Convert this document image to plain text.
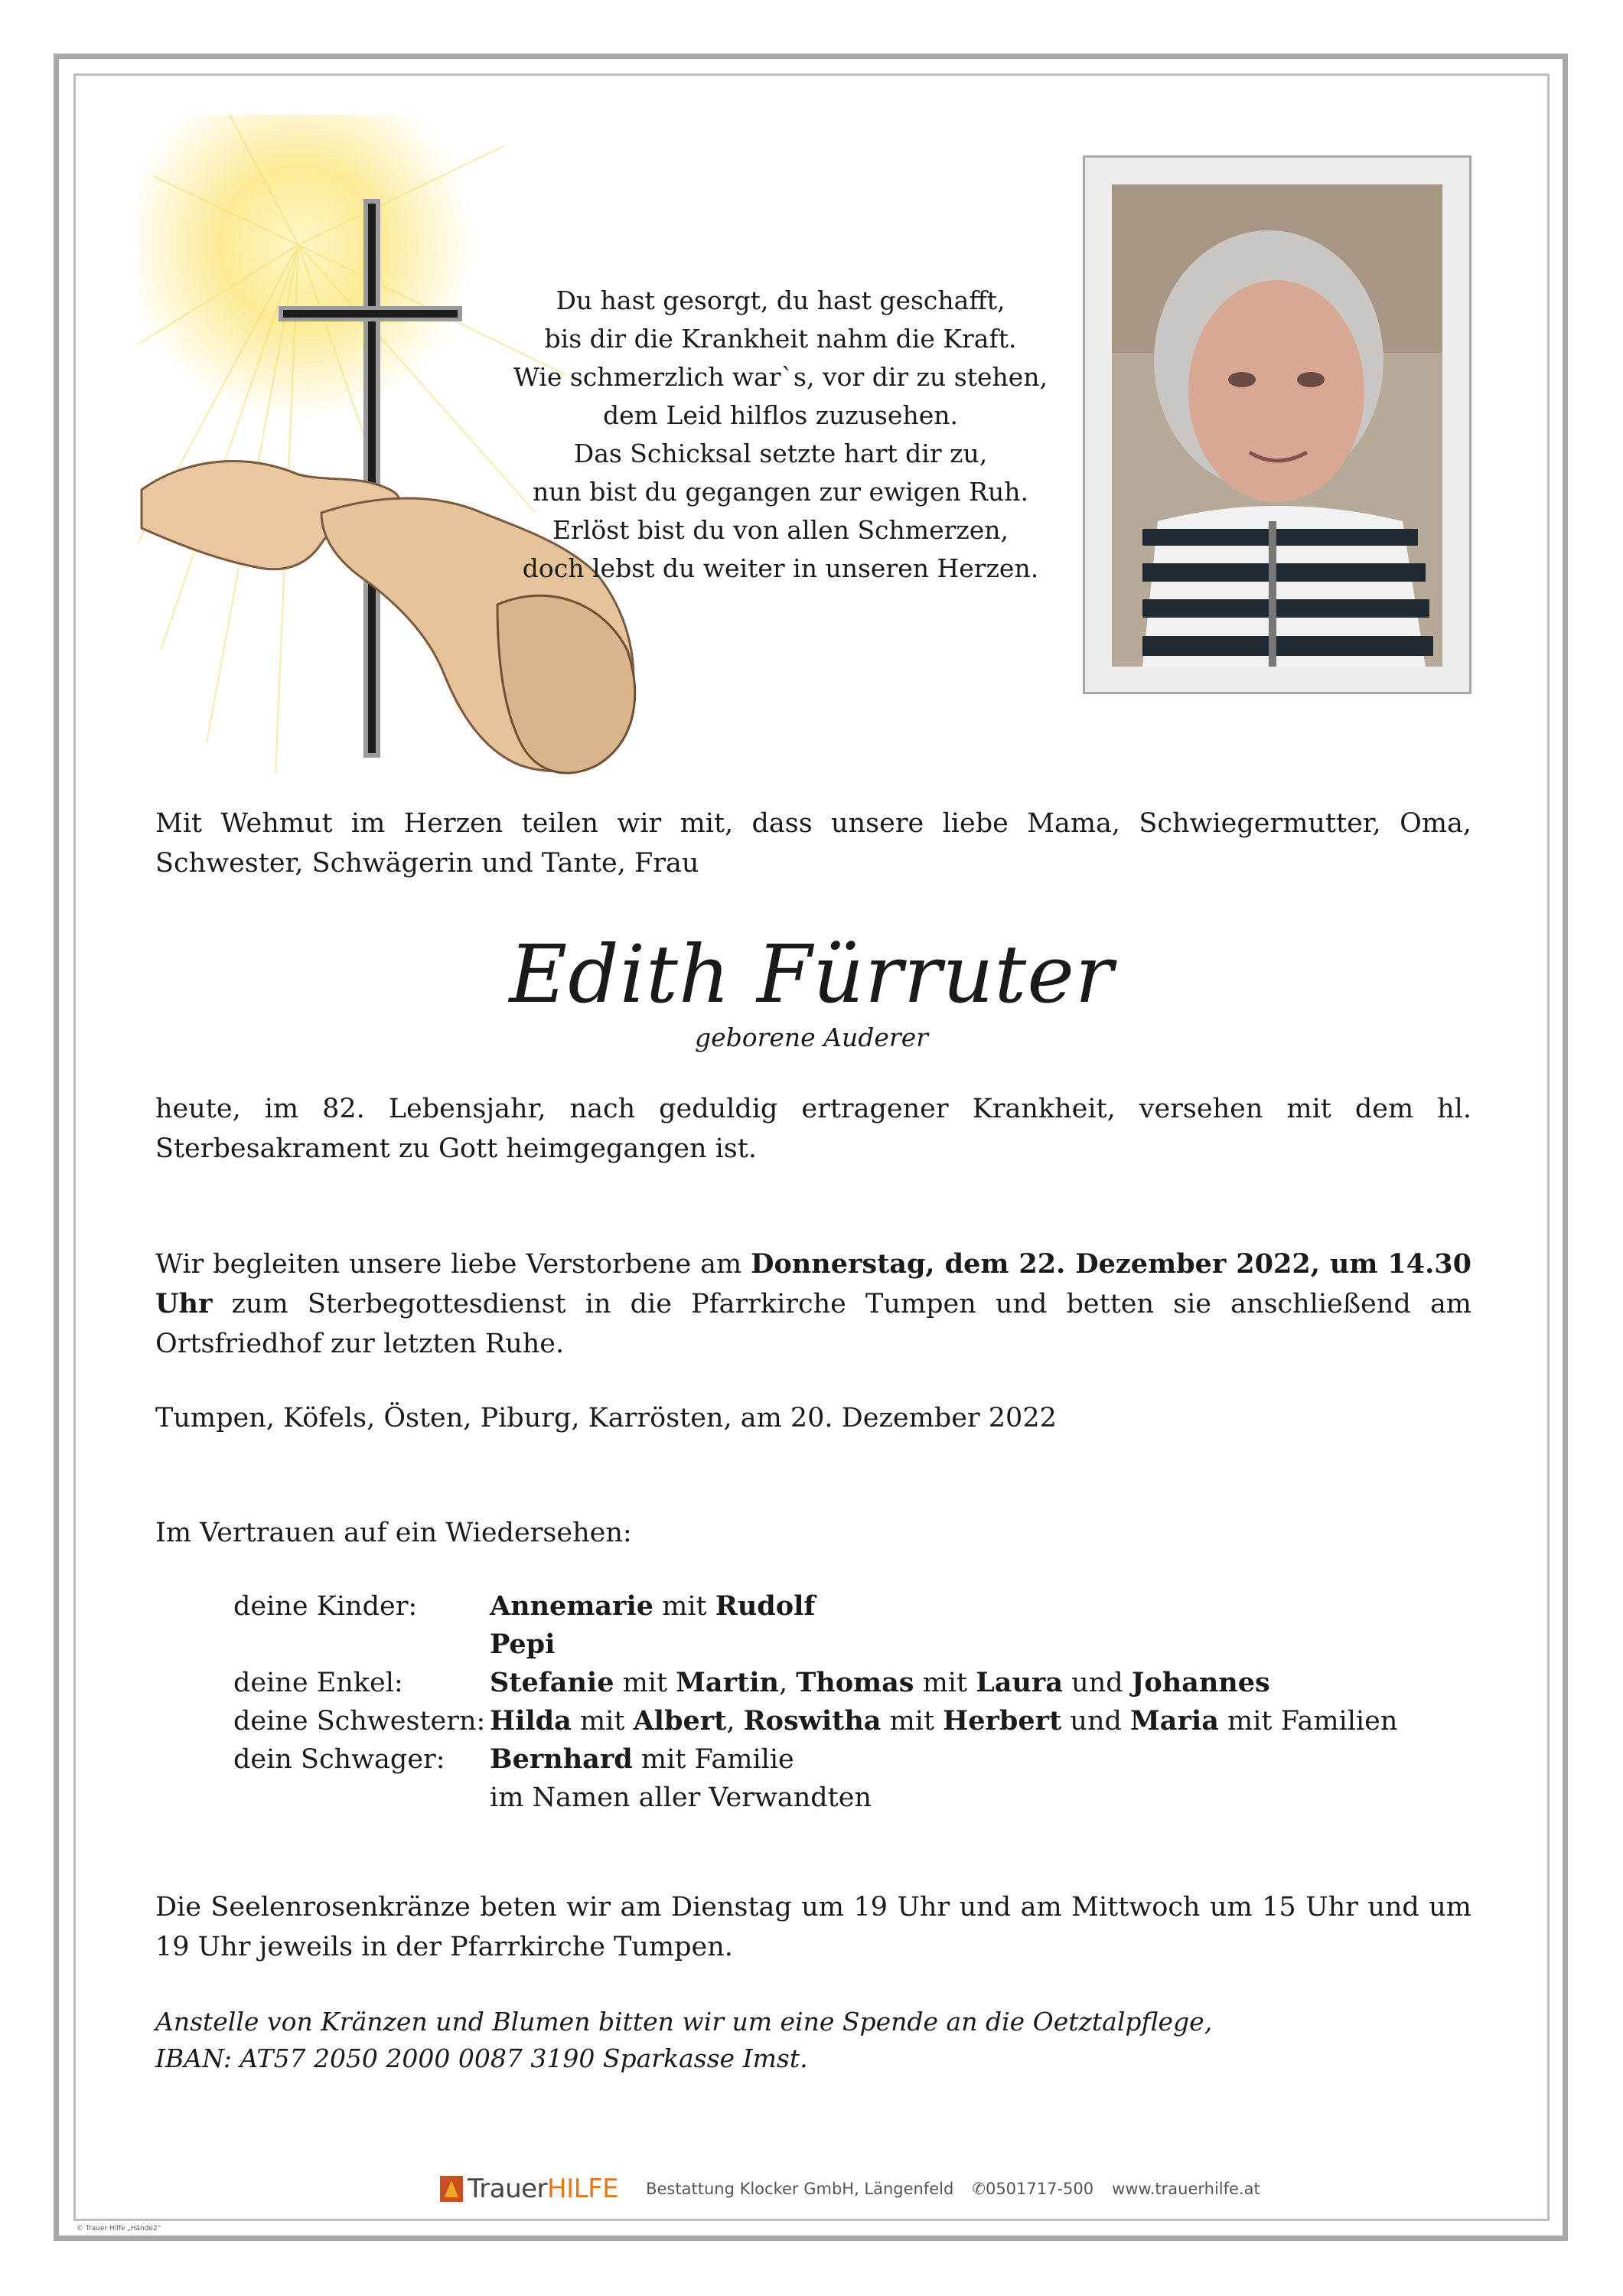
Du hast gesorgt, du hast geschafft,
bis dir die Krankheit nahm die Kraft.
Wie schmerzlich war`s, vor dir zu stehen,
dem Leid hilflos zuzusehen.
Das Schicksal setzte hart dir zu,
nun bist du gegangen zur ewigen Ruh.
Erlöst bist du von allen Schmerzen,
doch lebst du weiter in unseren Herzen.
Mit Wehmut im Herzen teilen wir mit, dass unsere liebe Mama, Schwiegermutter, Oma, Schwester, Schwägerin und Tante, Frau
Edith Fürruter
geborene Auderer
heute, im 82. Lebensjahr, nach geduldig ertragener Krankheit, versehen mit dem hl. Sterbesakrament zu Gott heimgegangen ist.
Wir begleiten unsere liebe Verstorbene am Donnerstag, dem 22. Dezember 2022, um 14.30 Uhr zum Sterbegottesdienst in die Pfarrkirche Tumpen und betten sie anschließend am Ortsfriedhof zur letzten Ruhe.
Tumpen, Köfels, Östen, Piburg, Karrösten, am 20. Dezember 2022
Im Vertrauen auf ein Wiedersehen:
deine Kinder:	Annemarie mit Rudolf
Pepi
deine Enkel:	Stefanie mit Martin, Thomas mit Laura und Johannes
deine Schwestern: Hilda mit Albert, Roswitha mit Herbert und Maria mit Familien
dein Schwager:	Bernhard mit Familie
im Namen aller Verwandten
Die Seelenrosenkränze beten wir am Dienstag um 19 Uhr und am Mittwoch um 15 Uhr und um 19 Uhr jeweils in der Pfarrkirche Tumpen.
Anstelle von Kränzen und Blumen bitten wir um eine Spende an die Oetztalpflege,
IBAN: AT57 2050 2000 0087 3190 Sparkasse Imst.
TrauerHILFE Bestattung Klocker GmbH, Längenfeld ✆0501717-500 www.trauerhilfe.at
© Trauer Hilfe „Hände2“
